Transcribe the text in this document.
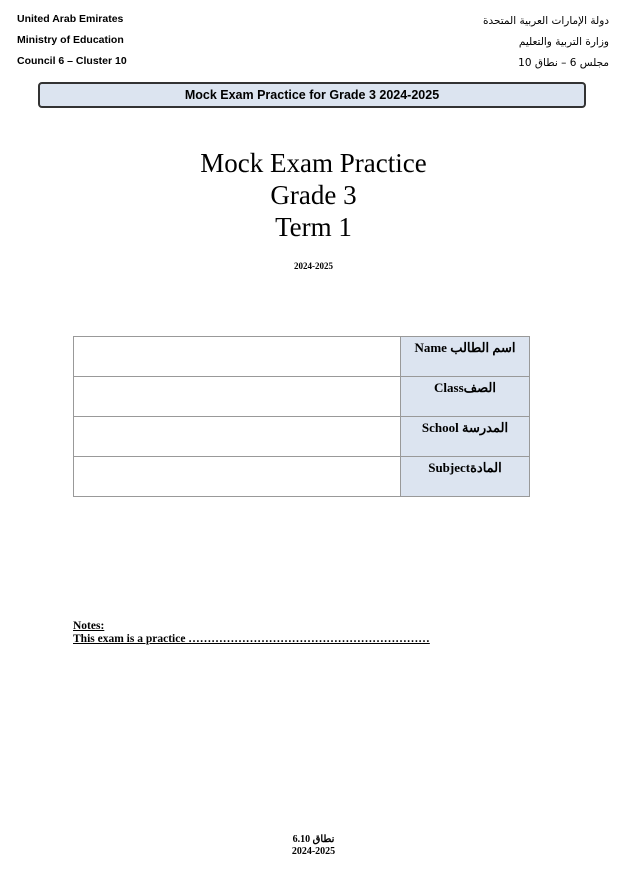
United Arab Emirates
Ministry of Education
Council 6 – Cluster 10
دولة الإمارات العربية المتحدة
وزارة التربية والتعليم
مجلس 6 – نطاق 10
Mock Exam Practice for Grade 3 2024-2025
Mock Exam Practice
Grade 3
Term 1
2024-2025
	Name اسم الطالب
	Classالصف
	School المدرسة
	Subjectالمادة
Notes:
This exam is a practice ………………………………………………………
نطاق 6.10
2024-2025
